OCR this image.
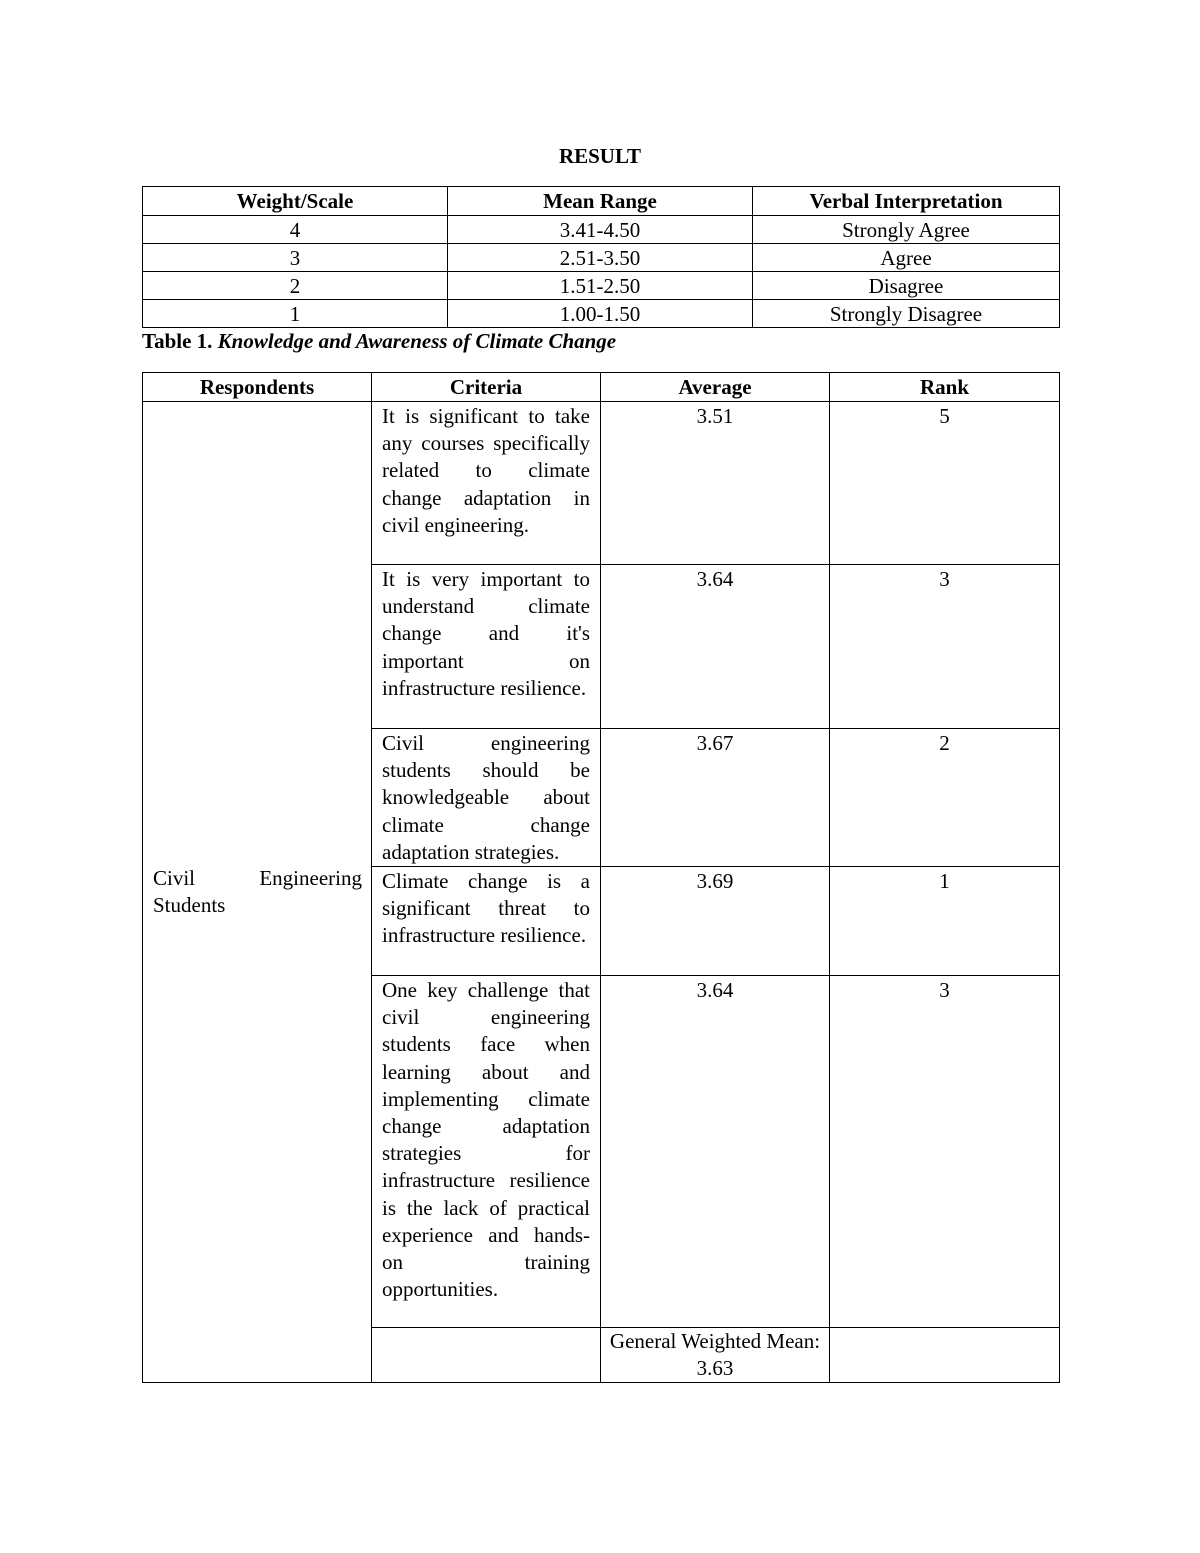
RESULT
Weight/Scale	Mean Range	Verbal Interpretation
4	3.41-4.50	Strongly Agree
3	2.51-3.50	Agree
2	1.51-2.50	Disagree
1	1.00-1.50	Strongly Disagree
Table 1. Knowledge and Awareness of Climate Change
Respondents	Criteria	Average	Rank

Civil Engineering
Students	It is significant to take any courses specifically related to climate change adaptation in civil engineering.	3.51	5
	It is very important to understand climate change and it's important on infrastructure resilience.	3.64	3
	Civil engineering students should be knowledgeable about climate change adaptation strategies.	3.67	2
	Climate change is a significant threat to infrastructure resilience.	3.69	1
	One key challenge that civil engineering students face when learning about and implementing climate change adaptation strategies for infrastructure resilience is the lack of practical experience and hands-on training opportunities.	3.64	3
		General Weighted Mean: 3.63	
